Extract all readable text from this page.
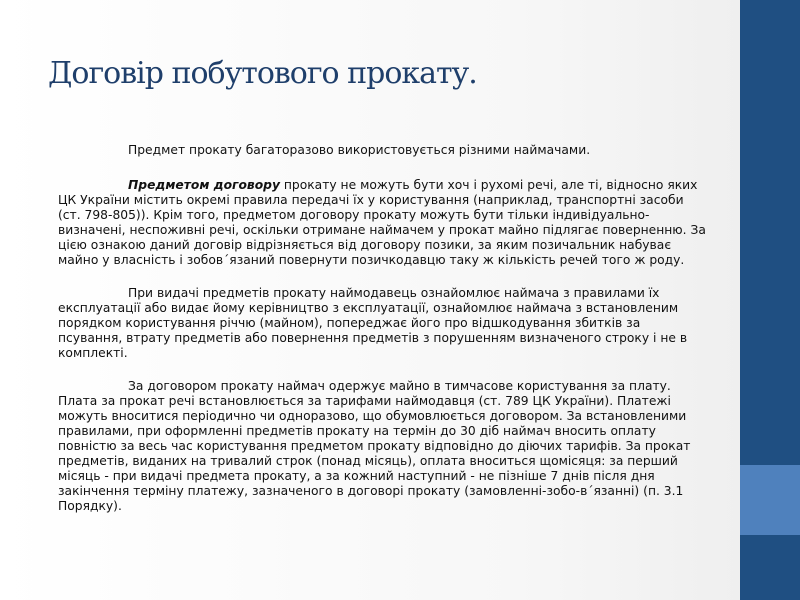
Договір побутового прокату.

Предмет прокату багаторазово використовується різними наймачами.

Предметом договору прокату не можуть бути хоч і рухомі речі, але ті, відносно яких ЦК України містить окремі правила передачі їх у користування (наприклад, транспортні засоби (ст. 798-805)). Крім того, предметом договору прокату можуть бути тільки індивідуально-визначені, неспоживні речі, оскільки отримане наймачем у прокат майно підлягає поверненню. За цією ознакою даний договір відрізняється від договору позики, за яким позичальник набуває майно у власність і зобов´язаний повернути позичкодавцю таку ж кількість речей того ж роду.

При видачі предметів прокату наймодавець ознайомлює наймача з правилами їх експлуатації або видає йому керівництво з експлуатації, ознайомлює наймача з встановленим порядком користування річчю (майном), попереджає його про відшкодування збитків за псування, втрату предметів або повернення предметів з порушенням визначеного строку і не в комплекті.

За договором прокату наймач одержує майно в тимчасове користування за плату. Плата за прокат речі встановлюється за тарифами наймодавця (ст. 789 ЦК України). Платежі можуть вноситися періодично чи одноразово, що обумовлюється договором. За встановленими правилами, при оформленні предметів прокату на термін до 30 діб наймач вносить оплату повністю за весь час користування предметом прокату відповідно до діючих тарифів. За прокат предметів, виданих на тривалий строк (понад місяць), оплата вноситься щомісяця: за перший місяць - при видачі предмета прокату, а за кожний наступний - не пізніше 7 днів після дня закінчення терміну платежу, зазначеного в договорі прокату (замовленні-зобо-в´язанні) (п. 3.1 Порядку).
